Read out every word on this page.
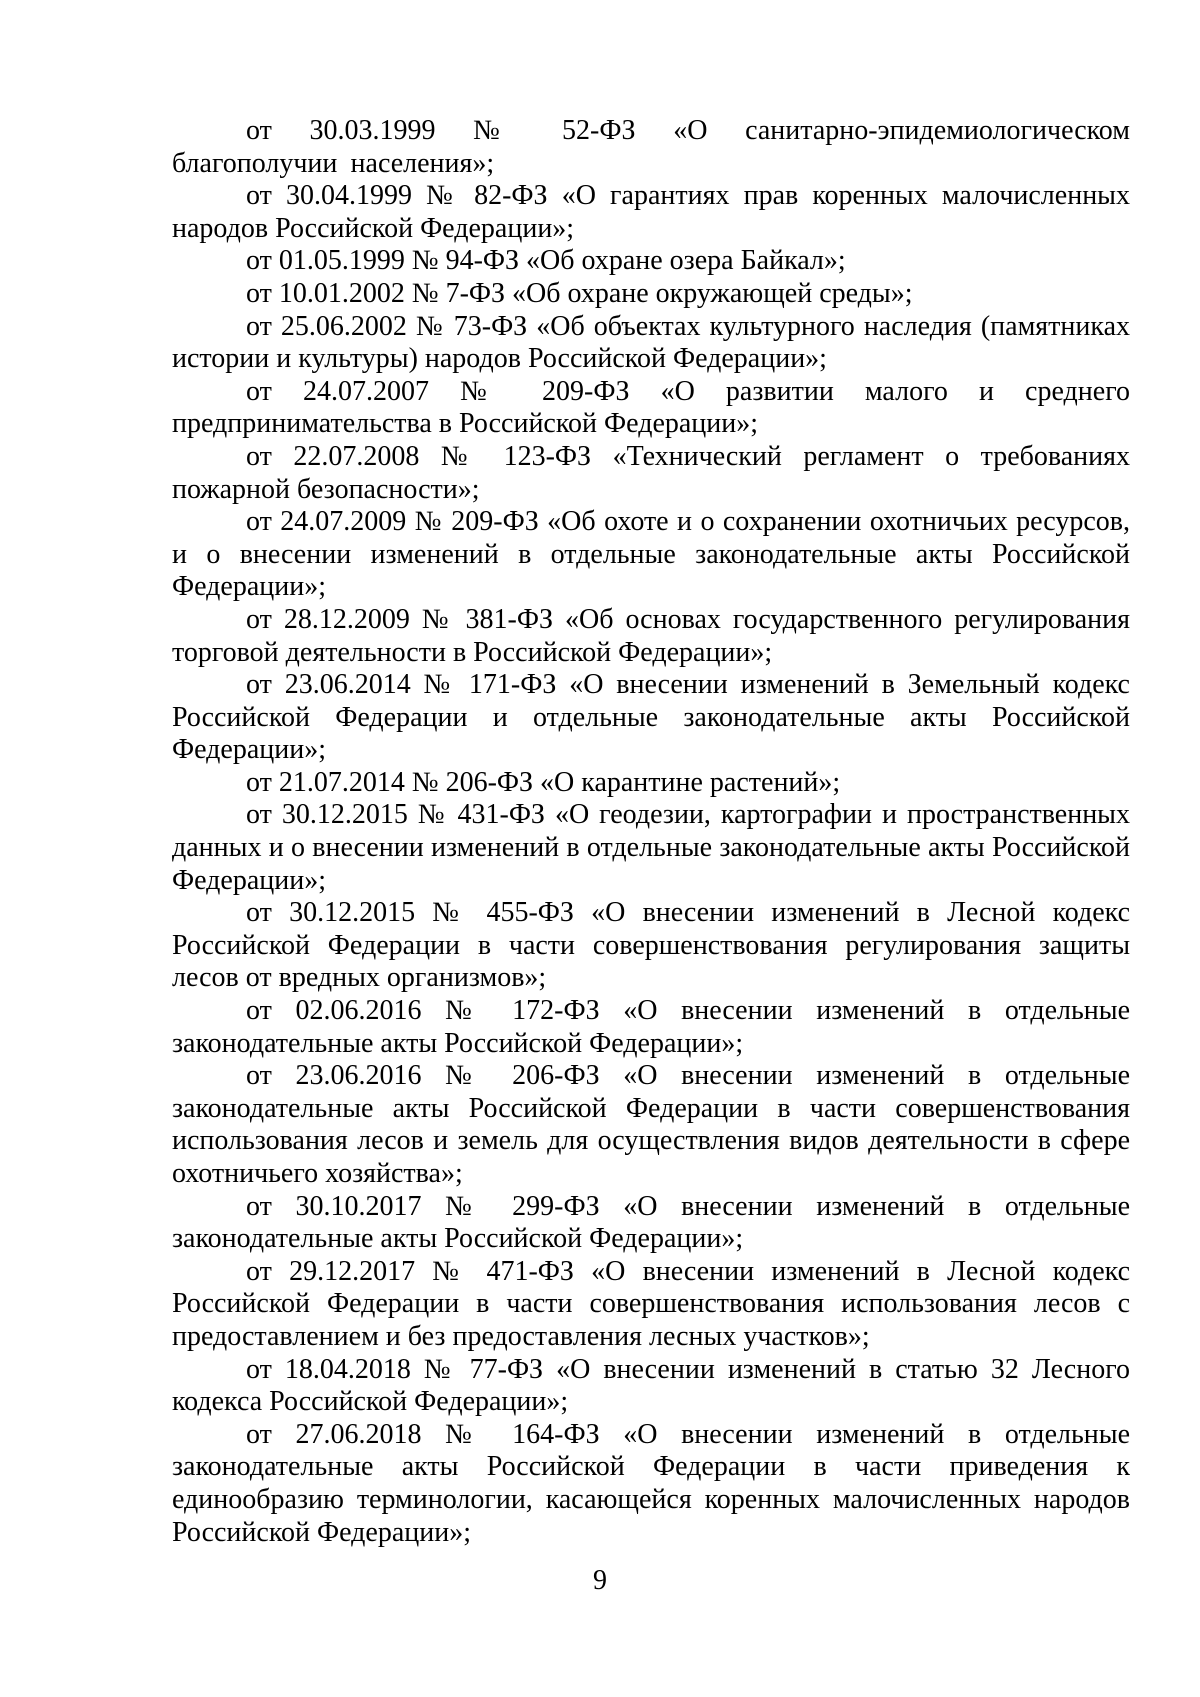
от 30.03.1999 № 52-ФЗ «О санитарно-эпидемиологическом благополучии населения»;

от 30.04.1999 № 82-ФЗ «О гарантиях прав коренных малочисленных народов Российской Федерации»;

от 01.05.1999 № 94-ФЗ «Об охране озера Байкал»;

от 10.01.2002 № 7-ФЗ «Об охране окружающей среды»;

от 25.06.2002 № 73-ФЗ «Об объектах культурного наследия (памятниках истории и культуры) народов Российской Федерации»;

от 24.07.2007 № 209-ФЗ «О развитии малого и среднего предпринимательства в Российской Федерации»;

от 22.07.2008 № 123-ФЗ «Технический регламент о требованиях пожарной безопасности»;

от 24.07.2009 № 209-ФЗ «Об охоте и о сохранении охотничьих ресурсов, и о внесении изменений в отдельные законодательные акты Российской Федерации»;

от 28.12.2009 № 381-ФЗ «Об основах государственного регулирования торговой деятельности в Российской Федерации»;

от 23.06.2014 № 171-ФЗ «О внесении изменений в Земельный кодекс Российской Федерации и отдельные законодательные акты Российской Федерации»;

от 21.07.2014 № 206-ФЗ «О карантине растений»;

от 30.12.2015 № 431-ФЗ «О геодезии, картографии и пространственных данных и о внесении изменений в отдельные законодательные акты Российской Федерации»;

от 30.12.2015 № 455-ФЗ «О внесении изменений в Лесной кодекс Российской Федерации в части совершенствования регулирования защиты лесов от вредных организмов»;

от 02.06.2016 № 172-ФЗ «О внесении изменений в отдельные законодательные акты Российской Федерации»;

от 23.06.2016 № 206-ФЗ «О внесении изменений в отдельные законодательные акты Российской Федерации в части совершенствования использования лесов и земель для осуществления видов деятельности в сфере охотничьего хозяйства»;

от 30.10.2017 № 299-ФЗ «О внесении изменений в отдельные законодательные акты Российской Федерации»;

от 29.12.2017 № 471-ФЗ «О внесении изменений в Лесной кодекс Российской Федерации в части совершенствования использования лесов с предоставлением и без предоставления лесных участков»;

от 18.04.2018 № 77-ФЗ «О внесении изменений в статью 32 Лесного кодекса Российской Федерации»;

от 27.06.2018 № 164-ФЗ «О внесении изменений в отдельные законодательные акты Российской Федерации в части приведения к единообразию терминологии, касающейся коренных малочисленных народов Российской Федерации»;

9
